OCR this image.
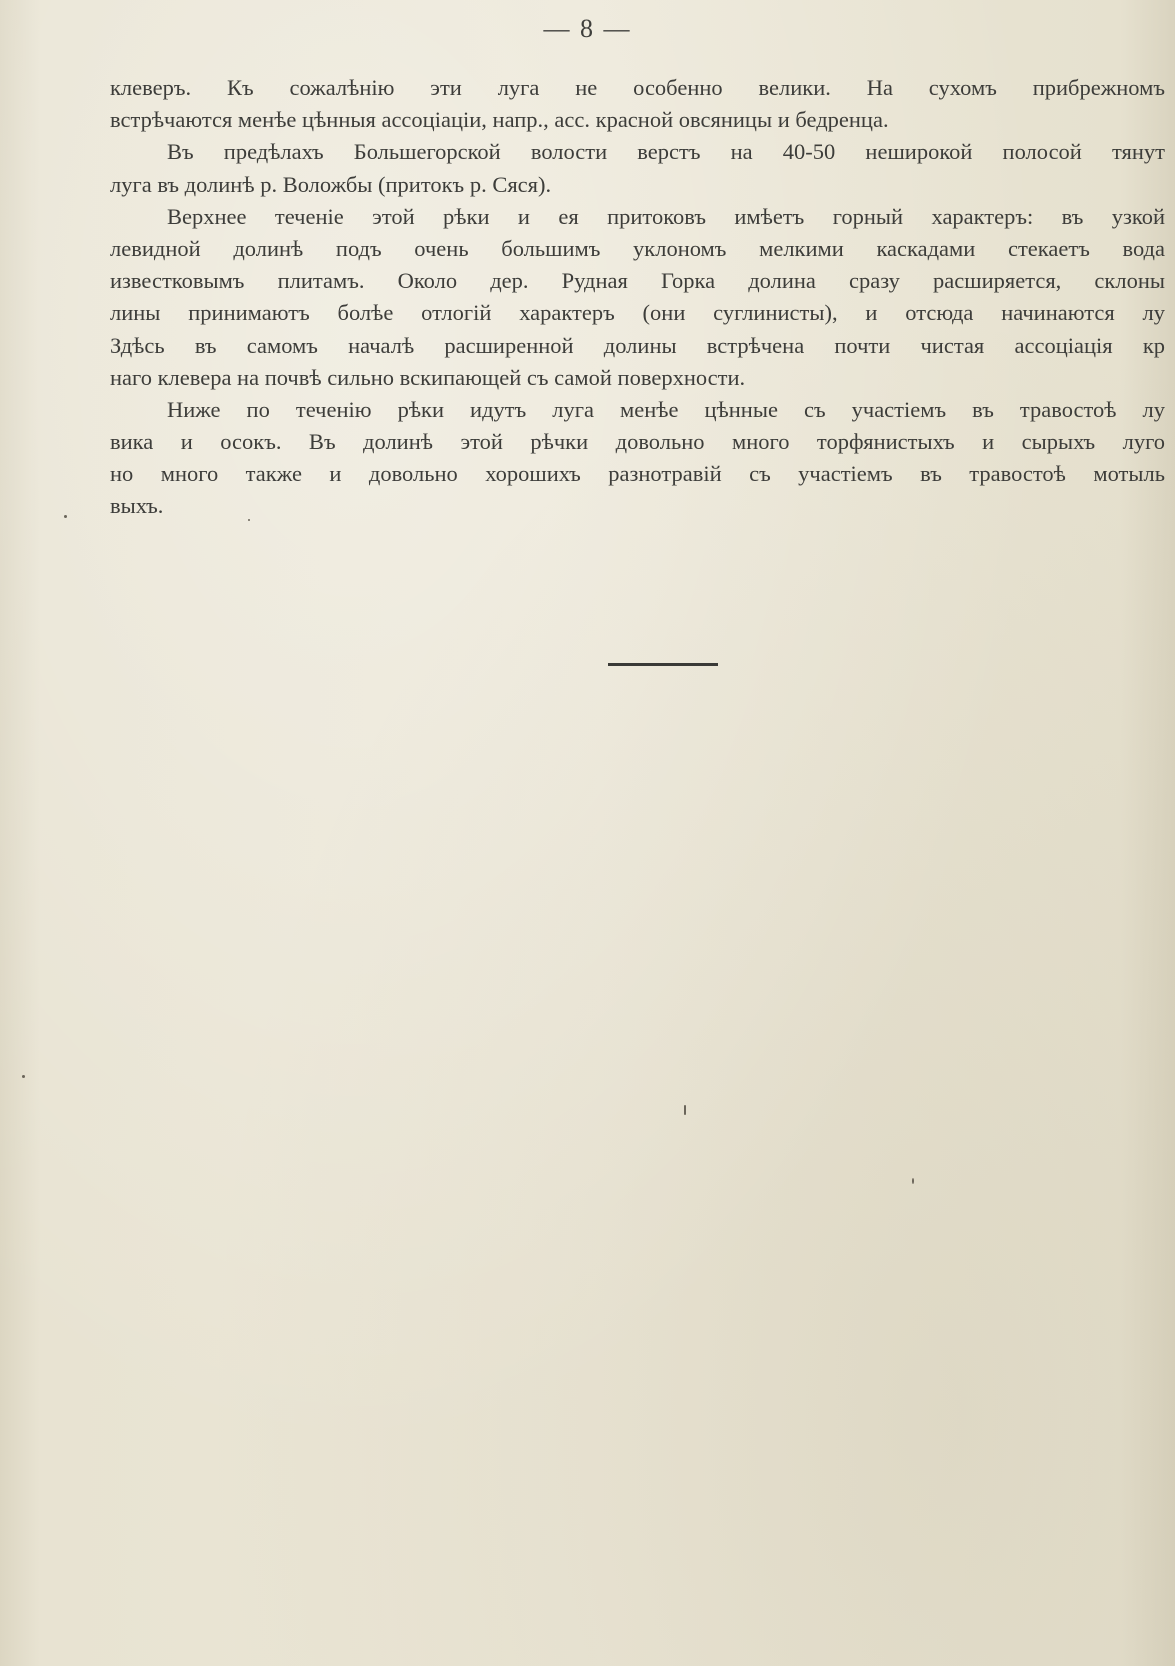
— 8 —
клеверъ. Къ сожалѣнію эти луга не особенно велики. На сухомъ прибрежномъ
встрѣчаются менѣе цѣнныя ассоціаціи, напр., асс. красной овсяницы и бедренца.
Въ предѣлахъ Большегорской волости верстъ на 40-50 неширокой полосой тянут
луга въ долинѣ р. Воложбы (притокъ р. Сяся).
Верхнее теченіе этой рѣки и ея притоковъ имѣетъ горный характеръ: въ узкой
левидной долинѣ подъ очень большимъ уклономъ мелкими каскадами стекаетъ вода
известковымъ плитамъ. Около дер. Рудная Горка долина сразу расширяется, склоны
лины принимаютъ болѣе отлогій характеръ (они суглинисты), и отсюда начинаются лу
Здѣсь въ самомъ началѣ расширенной долины встрѣчена почти чистая ассоціація кр
наго клевера на почвѣ сильно вскипающей съ самой поверхности.
Ниже по теченію рѣки идутъ луга менѣе цѣнные съ участіемъ въ травостоѣ лу
вика и осокъ. Въ долинѣ этой рѣчки довольно много торфянистыхъ и сырыхъ луго
но много также и довольно хорошихъ разнотравій съ участіемъ въ травостоѣ мотыль
выхъ.
